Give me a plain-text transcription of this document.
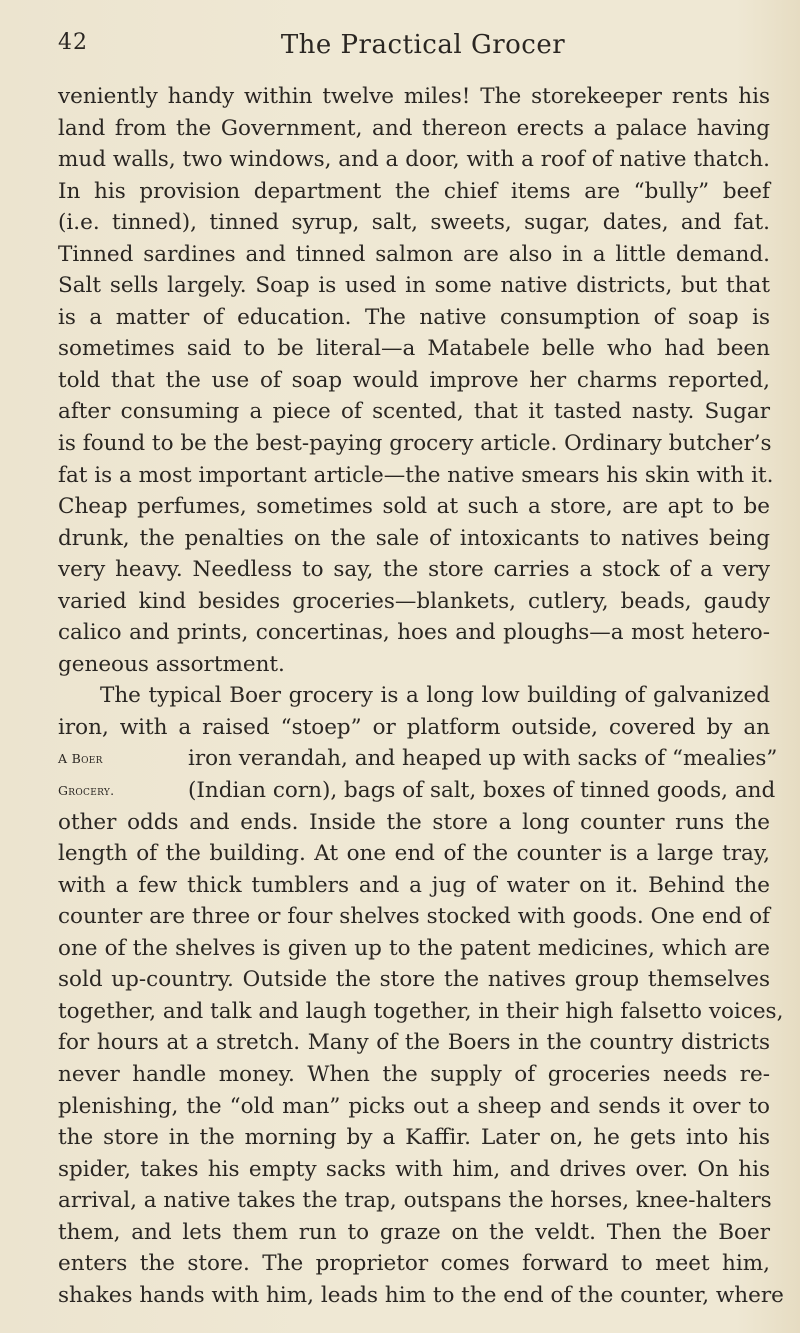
42	The Practical Grocer
veniently handy within twelve miles! The storekeeper rents his
land from the Government, and thereon erects a palace having
mud walls, two windows, and a door, with a roof of native thatch.
In his provision department the chief items are “bully” beef
(i.e. tinned), tinned syrup, salt, sweets, sugar, dates, and fat.
Tinned sardines and tinned salmon are also in a little demand.
Salt sells largely. Soap is used in some native districts, but that
is a matter of education. The native consumption of soap is
sometimes said to be literal—a Matabele belle who had been
told that the use of soap would improve her charms reported,
after consuming a piece of scented, that it tasted nasty. Sugar
is found to be the best-paying grocery article. Ordinary butcher’s
fat is a most important article—the native smears his skin with it.
Cheap perfumes, sometimes sold at such a store, are apt to be
drunk, the penalties on the sale of intoxicants to natives being
very heavy. Needless to say, the store carries a stock of a very
varied kind besides groceries—blankets, cutlery, beads, gaudy
calico and prints, concertinas, hoes and ploughs—a most hetero-
geneous assortment.
The typical Boer grocery is a long low building of galvanized
iron, with a raised “stoep” or platform outside, covered by an
A Boer
Grocery.
iron verandah, and heaped up with sacks of “mealies”
(Indian corn), bags of salt, boxes of tinned goods, and
other odds and ends. Inside the store a long counter runs the
length of the building. At one end of the counter is a large tray,
with a few thick tumblers and a jug of water on it. Behind the
counter are three or four shelves stocked with goods. One end of
one of the shelves is given up to the patent medicines, which are
sold up-country. Outside the store the natives group themselves
together, and talk and laugh together, in their high falsetto voices,
for hours at a stretch. Many of the Boers in the country districts
never handle money. When the supply of groceries needs re-
plenishing, the “old man” picks out a sheep and sends it over to
the store in the morning by a Kaffir. Later on, he gets into his
spider, takes his empty sacks with him, and drives over. On his
arrival, a native takes the trap, outspans the horses, knee-halters
them, and lets them run to graze on the veldt. Then the Boer
enters the store. The proprietor comes forward to meet him,
shakes hands with him, leads him to the end of the counter, where
